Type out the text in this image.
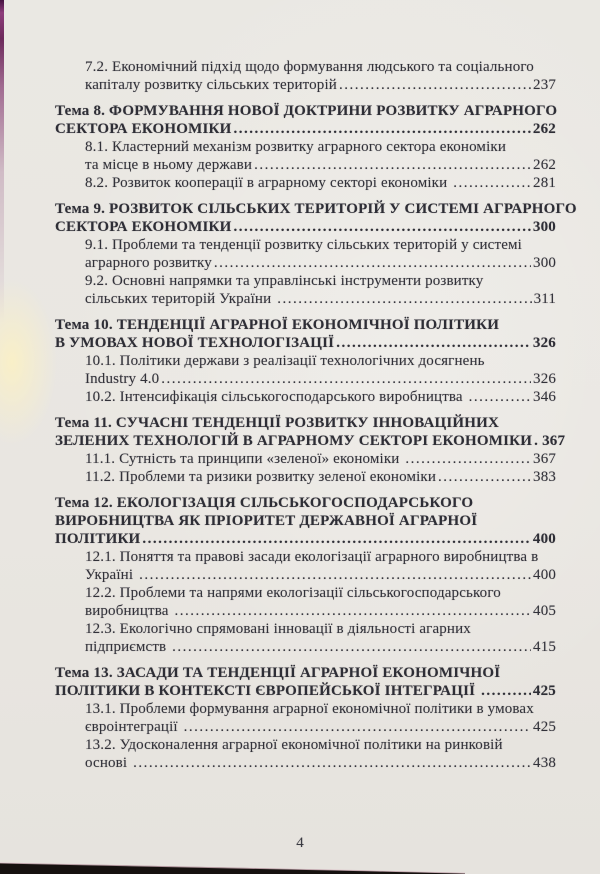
7.2. Економічний підхід щодо формування людського та соціального
капіталу розвитку сільських територій .....	237
Тема 8. ФОРМУВАННЯ НОВОЇ ДОКТРИНИ РОЗВИТКУ АГРАРНОГО
СЕКТОРА ЕКОНОМІКИ .....	262
8.1. Кластерний механізм розвитку аграрного сектора економіки
та місце в ньому держави .....	262
8.2. Розвиток кооперації в аграрному секторі економіки .....	281
Тема 9. РОЗВИТОК СІЛЬСЬКИХ ТЕРИТОРІЙ У СИСТЕМІ АГРАРНОГО
СЕКТОРА ЕКОНОМІКИ .....	300
9.1. Проблеми та тенденції розвитку сільських територій у системі
аграрного розвитку .....	300
9.2. Основні напрямки та управлінські інструменти розвитку
сільських територій України .....	311
Тема 10. ТЕНДЕНЦІЇ АГРАРНОЇ ЕКОНОМІЧНОЇ ПОЛІТИКИ
В УМОВАХ НОВОЇ ТЕХНОЛОГІЗАЦІЇ .....	326
10.1. Політики держави з реалізації технологічних досягнень
Industry 4.0 .....	326
10.2. Інтенсифікація сільськогосподарського виробництва .....	346
Тема 11. СУЧАСНІ ТЕНДЕНЦІЇ РОЗВИТКУ ІННОВАЦІЙНИХ
ЗЕЛЕНИХ ТЕХНОЛОГІЙ В АГРАРНОМУ СЕКТОРІ ЕКОНОМІКИ ..... 367
11.1. Сутність та принципи «зеленої» економіки .....	367
11.2. Проблеми та ризики розвитку зеленої економіки .....	383
Тема 12. ЕКОЛОГІЗАЦІЯ СІЛЬСЬКОГОСПОДАРСЬКОГО
ВИРОБНИЦТВА ЯК ПРІОРИТЕТ ДЕРЖАВНОЇ АГРАРНОЇ
ПОЛІТИКИ .....	400
12.1. Поняття та правові засади екологізації аграрного виробництва в
Україні .....	400
12.2. Проблеми та напрями екологізації сільськогосподарського
виробництва .....	405
12.3. Екологічно спрямовані інновації в діяльності агарних
підприємств .....	415
Тема 13. ЗАСАДИ ТА ТЕНДЕНЦІЇ АГРАРНОЇ ЕКОНОМІЧНОЇ
ПОЛІТИКИ В КОНТЕКСТІ ЄВРОПЕЙСЬКОЇ ІНТЕГРАЦІЇ .....	425
13.1. Проблеми формування аграрної економічної політики в умовах
євроінтеграції .....	425
13.2. Удосконалення аграрної економічної політики на ринковій
основі .....	438
4
